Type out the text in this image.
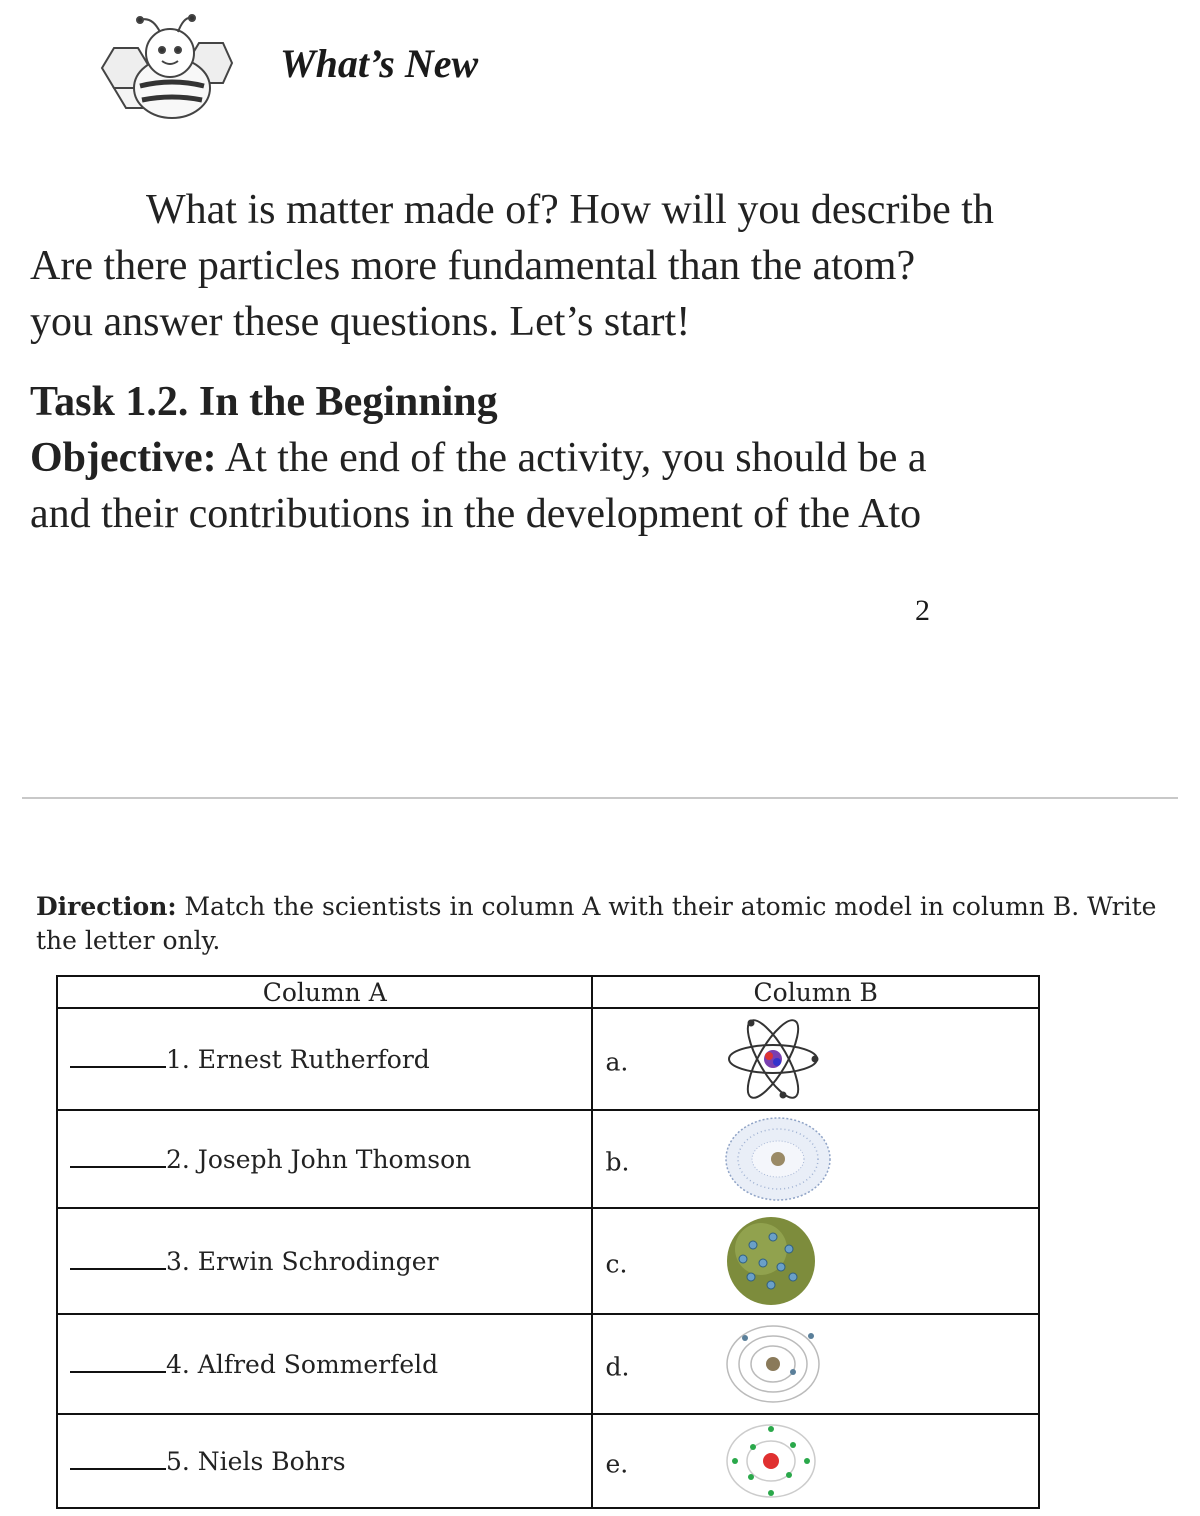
What’s New
What is matter made of? How will you describe th
Are there particles more fundamental than the atom?
you answer these questions. Let’s start!
Task 1.2. In the Beginning
Objective: At the end of the activity, you should be a
and their contributions in the development of the Ato
2
Direction: Match the scientists in column A with their atomic model in column B. Write the letter only.
Column A	Column B
1. Ernest Rutherford	a.

2. Joseph John Thomson	b.

3. Erwin Schrodinger	c.

4. Alfred Sommerfeld	d.

5. Niels Bohrs	e.
